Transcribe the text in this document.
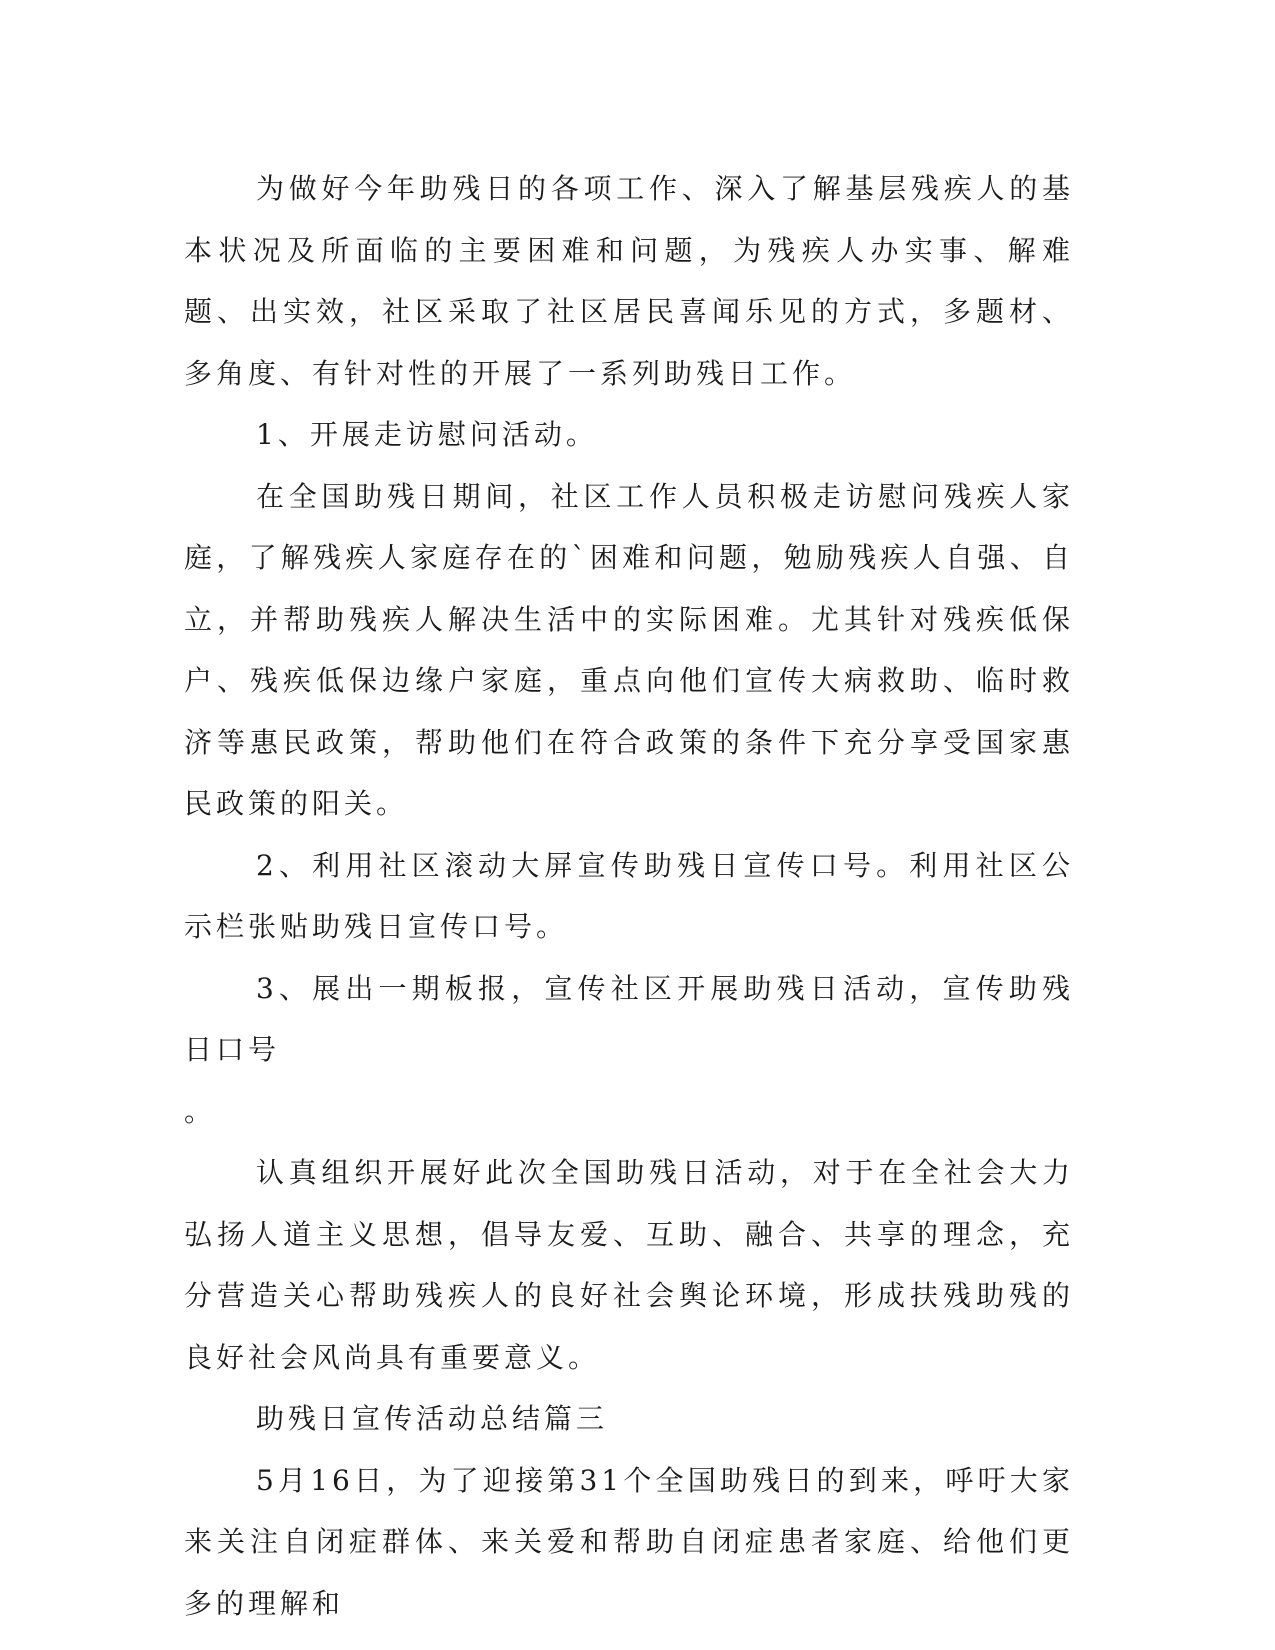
为做好今年助残日的各项工作、深入了解基层残疾人的基本状况及所面临的主要困难和问题，为残疾人办实事、解难题、出实效，社区采取了社区居民喜闻乐见的方式，多题材、多角度、有针对性的开展了一系列助残日工作。

1、开展走访慰问活动。

在全国助残日期间，社区工作人员积极走访慰问残疾人家庭，了解残疾人家庭存在的`困难和问题，勉励残疾人自强、自立，并帮助残疾人解决生活中的实际困难。尤其针对残疾低保户、残疾低保边缘户家庭，重点向他们宣传大病救助、临时救济等惠民政策，帮助他们在符合政策的条件下充分享受国家惠民政策的阳关。

2、利用社区滚动大屏宣传助残日宣传口号。利用社区公示栏张贴助残日宣传口号。

3、展出一期板报，宣传社区开展助残日活动，宣传助残日口号

。

认真组织开展好此次全国助残日活动，对于在全社会大力弘扬人道主义思想，倡导友爱、互助、融合、共享的理念，充分营造关心帮助残疾人的良好社会舆论环境，形成扶残助残的良好社会风尚具有重要意义。

助残日宣传活动总结篇三

5月16日，为了迎接第31个全国助残日的到来，呼吁大家来关注自闭症群体、来关爱和帮助自闭症患者家庭、给他们更多的理解和
